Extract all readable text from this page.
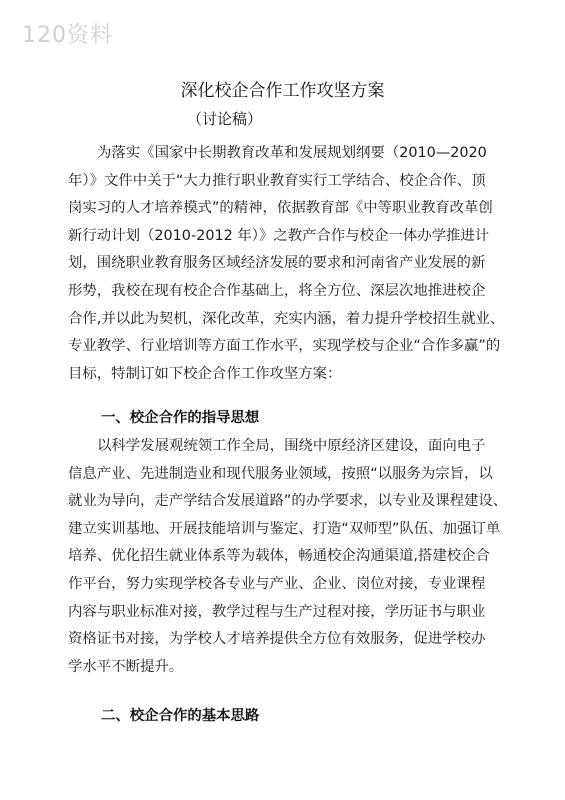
120资料
深化校企合作工作攻坚方案
（讨论稿）
为落实《国家中长期教育改革和发展规划纲要（2010—2020
年）》文件中关于“大力推行职业教育实行工学结合、校企合作、顶
岗实习的人才培养模式”的精神，依据教育部《中等职业教育改革创
新行动计划（2010-2012 年）》之教产合作与校企一体办学推进计
划，围绕职业教育服务区域经济发展的要求和河南省产业发展的新
形势，我校在现有校企合作基础上，将全方位、深层次地推进校企
合作,并以此为契机，深化改革，充实内涵，着力提升学校招生就业、
专业教学、行业培训等方面工作水平，实现学校与企业“合作多赢”的
目标，特制订如下校企合作工作攻坚方案：
一、校企合作的指导思想
以科学发展观统领工作全局，围绕中原经济区建设，面向电子
信息产业、先进制造业和现代服务业领域，按照“以服务为宗旨，以
就业为导向，走产学结合发展道路”的办学要求，以专业及课程建设、
建立实训基地、开展技能培训与鉴定、打造“双师型”队伍、加强订单
培养、优化招生就业体系等为载体，畅通校企沟通渠道,搭建校企合
作平台，努力实现学校各专业与产业、企业、岗位对接，专业课程
内容与职业标准对接，教学过程与生产过程对接，学历证书与职业
资格证书对接，为学校人才培养提供全方位有效服务，促进学校办
学水平不断提升。
二、校企合作的基本思路
